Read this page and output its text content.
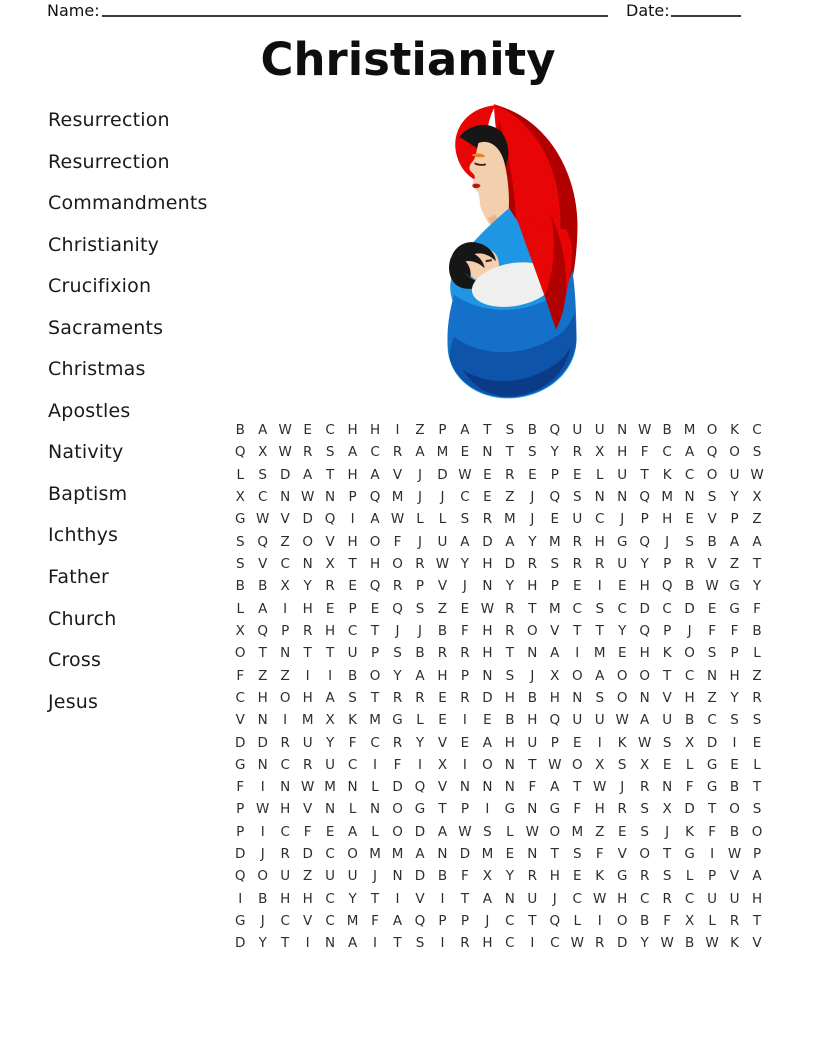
Name:	Date:
Christianity
Resurrection
Resurrection
Commandments
Christianity
Crucifixion
Sacraments
Christmas
Apostles
Nativity
Baptism
Ichthys
Father
Church
Cross
Jesus
B A W E C H H	I	Z	P	A	T	S	B Q U U N W B M O K C
Q X W R S	A C R A M E N T	S	Y	R X H	F	C A Q O S
L	S D A	T H A V	J	D W E	R	E	P	E	L	U T	K C O U W
X C N W N P Q M	J	J	C E	Z	J	Q S N N Q M N S	Y	X
G W V D Q	I	A W L	L	S R M	J	E U C	J	P H E	V	P	Z
S Q Z O V H O F	J	U A D A	Y M R H G Q	J	S	B A A
S	V C N X	T H O R W Y H D R S R R U Y	P	R V Z	T
B B X	Y	R	E Q R	P	V	J	N Y H P	E	I	E H Q B W G Y
L	A	I	H E	P	E Q S	Z	E W R	T M C S C D C D E G F
X Q P	R H C	T	J	J	B	F	H R O V	T	T	Y Q P	J	F	F	B
O T N T	T U P	S	B R R H T N A	I	M E H K O S	P	L
F	Z Z	I	I	B O Y	A H P N S	J	X O A O O T	C N H Z
C H O H A	S	T	R R	E	R D H B H N S O N V H Z	Y	R
V N	I	M X K M G L	E	I	E	B H Q U U W A U B C S	S
D D R U Y	F	C R	Y	V	E	A H U P	E	I	K W S	X D	I	E
G N C R U C	I	F	I	X	I	O N T W O X	S	X	E	L G E	L
F	I	N W M N	L	D Q V N N N	F	A	T W	J	R N	F G B	T
P W H V N	L	N O G T	P	I	G N G F	H R S	X D T O S
P	I	C	F	E	A	L O D A W S	L W O M Z	E	S	J	K	F	B O
D	J	R D C O M M A N D M E N T	S	F	V O T G	I	W P
Q O U Z U U	J	N D B	F	X	Y	R H E	K G R S	L	P	V A
I	B H H C	Y	T	I	V	I	T	A N U	J	C W H C R C U U H
G	J	C V C M F	A Q P	P	J	C	T Q L	I	O B	F	X	L	R	T
D Y	T	I	N A	I	T	S	I	R H C	I	C W R D Y W B W K V
